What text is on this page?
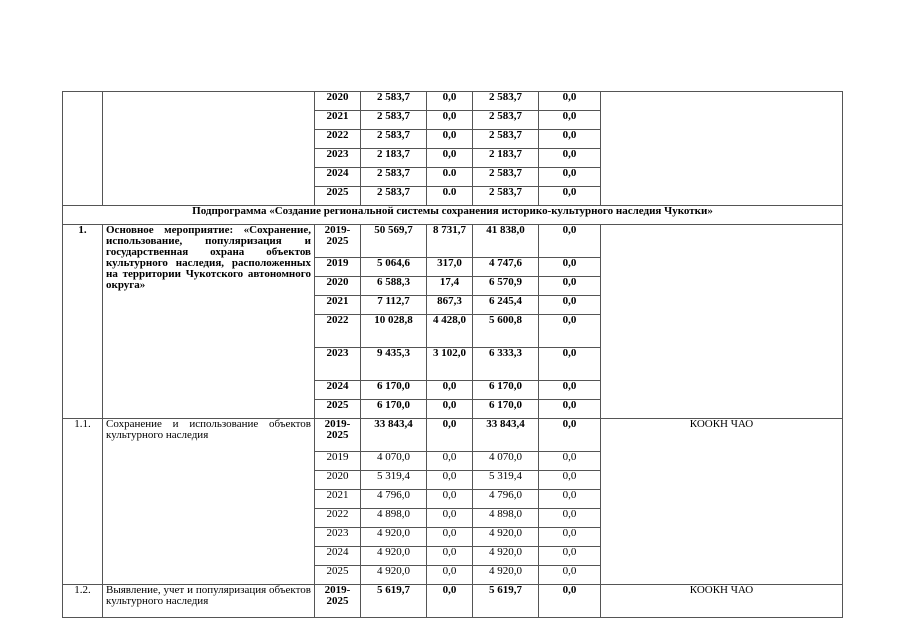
		2020	2 583,7	0,0	2 583,7	0,0	
		2021	2 583,7	0,0	2 583,7	0,0	
		2022	2 583,7	0,0	2 583,7	0,0	
		2023	2 183,7	0,0	2 183,7	0,0	
		2024	2 583,7	0.0	2 583,7	0,0	
		2025	2 583,7	0.0	2 583,7	0,0	
Подпрограмма «Создание региональной системы сохранения историко-культурного наследия Чукотки»							
1.	Основное мероприятие: «Сохранение, использование, популяризация и государственная охрана объектов культурного наследия, расположенных на территории Чукотского автономного округа»	2019-2025	50 569,7	8 731,7	41 838,0	0,0	
		2019	5 064,6	317,0	4 747,6	0,0	
		2020	6 588,3	17,4	6 570,9	0,0	
		2021	7 112,7	867,3	6 245,4	0,0	
		2022	10 028,8	4 428,0	5 600,8	0,0	
		2023	9 435,3	3 102,0	6 333,3	0,0	
		2024	6 170,0	0,0	6 170,0	0,0	
		2025	6 170,0	0,0	6 170,0	0,0	
1.1.	Сохранение и использование объектов культурного наследия	2019-2025	33 843,4	0,0	33 843,4	0,0	КООКН ЧАО
		2019	4 070,0	0,0	4 070,0	0,0	
		2020	5 319,4	0,0	5 319,4	0,0	
		2021	4 796,0	0,0	4 796,0	0,0	
		2022	4 898,0	0,0	4 898,0	0,0	
		2023	4 920,0	0,0	4 920,0	0,0	
		2024	4 920,0	0,0	4 920,0	0,0	
		2025	4 920,0	0,0	4 920,0	0,0	
1.2.	Выявление, учет и популяризация объектов культурного наследия	2019-2025	5 619,7	0,0	5 619,7	0,0	КООКН ЧАО
